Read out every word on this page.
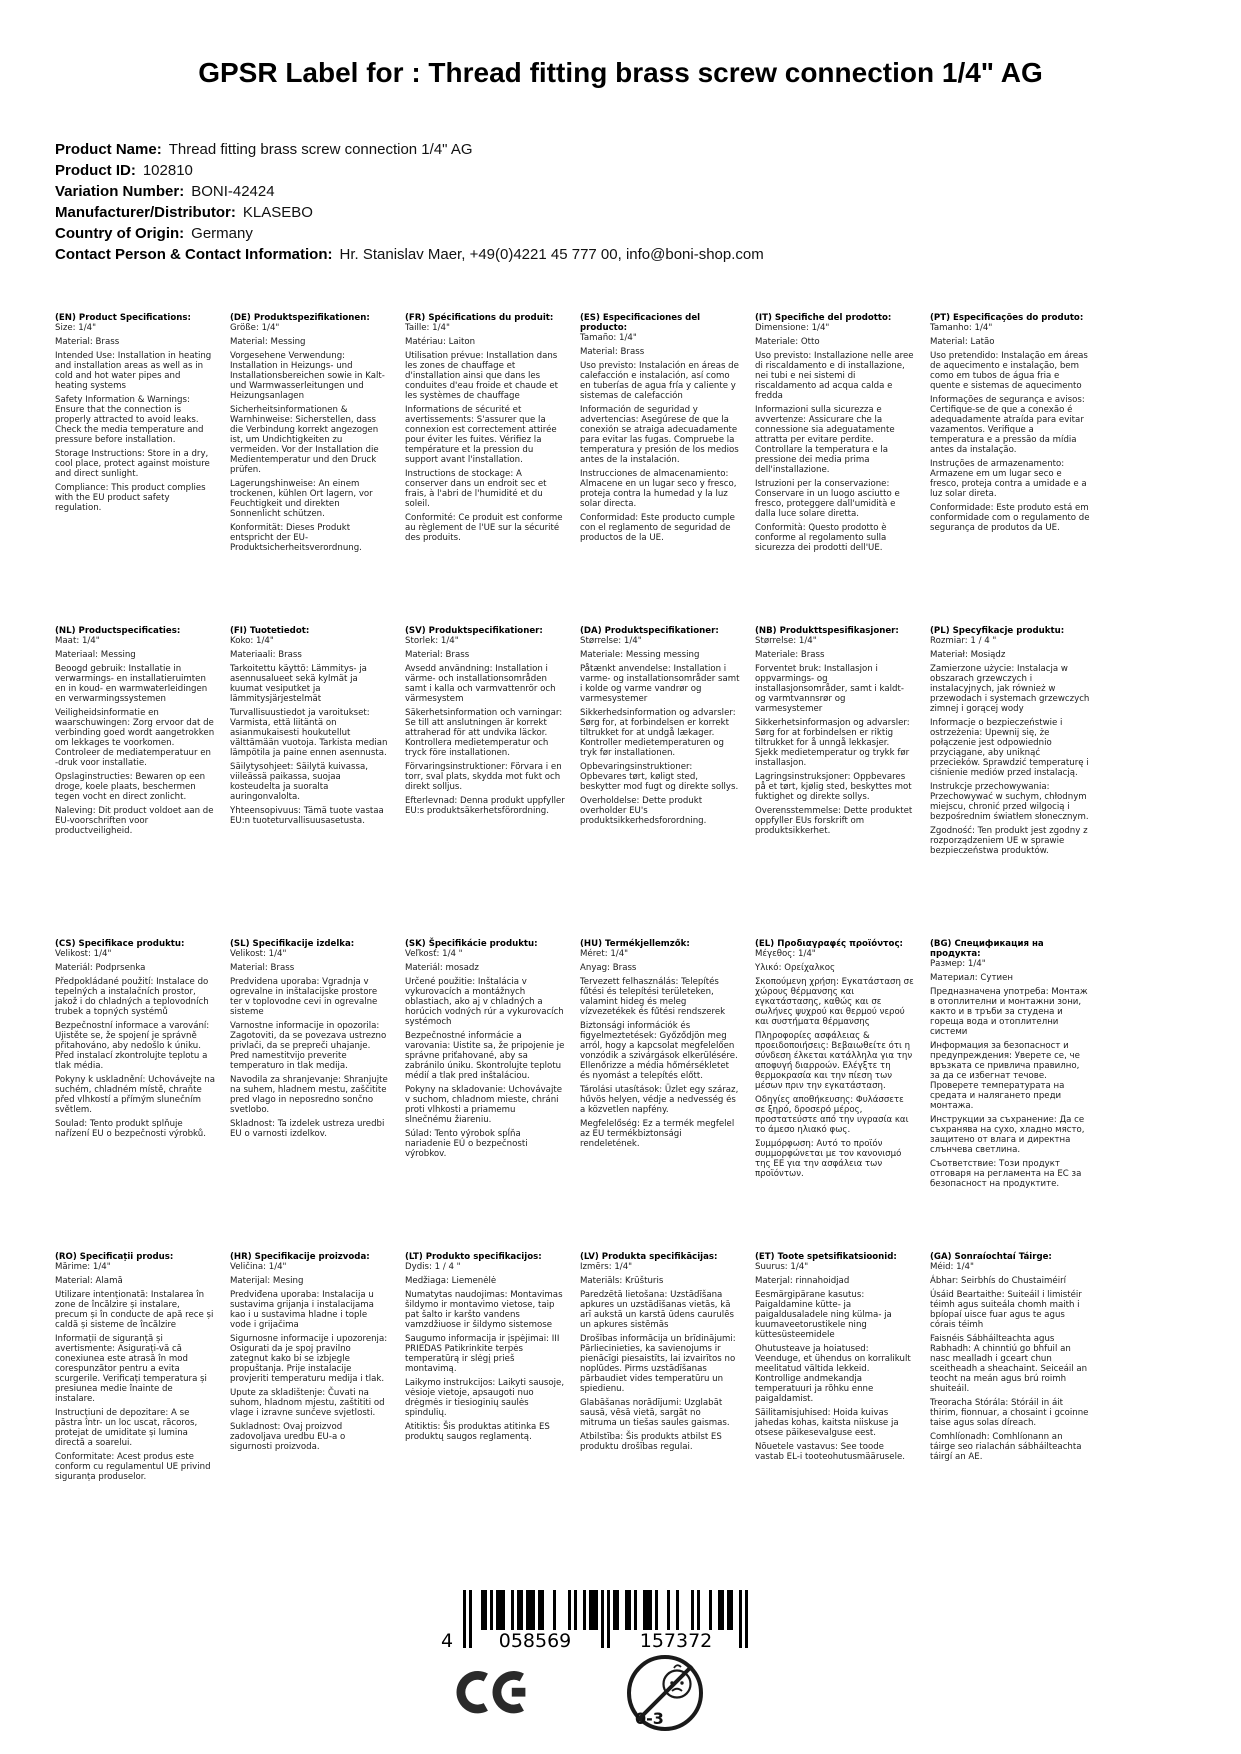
GPSR Label for : Thread fitting brass screw connection 1/4" AG
Product Name: Thread fitting brass screw connection 1/4" AG
Product ID: 102810
Variation Number: BONI-42424
Manufacturer/Distributor: KLASEBO
Country of Origin: Germany
Contact Person & Contact Information: Hr. Stanislav Maer, +49(0)4221 45 777 00, info@boni-shop.com
(EN) Product Specifications:

Size: 1/4"

Material: Brass

Intended Use: Installation in heating and installation areas as well as in cold and hot water pipes and heating systems

Safety Information & Warnings: Ensure that the connection is properly attracted to avoid leaks. Check the media temperature and pressure before installation.

Storage Instructions: Store in a dry, cool place, protect against moisture and direct sunlight.

Compliance: This product complies with the EU product safety regulation.

(DE) Produktspezifikationen:

Größe: 1/4"

Material: Messing

Vorgesehene Verwendung: Installation in Heizungs- und Installationsbereichen sowie in Kalt- und Warmwasserleitungen und Heizungsanlagen

Sicherheitsinformationen & Warnhinweise: Sicherstellen, dass die Verbindung korrekt angezogen ist, um Undichtigkeiten zu vermeiden. Vor der Installation die Medientemperatur und den Druck prüfen.

Lagerungshinweise: An einem trockenen, kühlen Ort lagern, vor Feuchtigkeit und direkten Sonnenlicht schützen.

Konformität: Dieses Produkt entspricht der EU-Produktsicherheitsverordnung.

(FR) Spécifications du produit:

Taille: 1/4"

Matériau: Laiton

Utilisation prévue: Installation dans les zones de chauffage et d'installation ainsi que dans les conduites d'eau froide et chaude et les systèmes de chauffage

Informations de sécurité et avertissements: S'assurer que la connexion est correctement attirée pour éviter les fuites. Vérifiez la température et la pression du support avant l'installation.

Instructions de stockage: A conserver dans un endroit sec et frais, à l'abri de l'humidité et du soleil.

Conformité: Ce produit est conforme au règlement de l'UE sur la sécurité des produits.

(ES) Especificaciones del producto:

Tamaño: 1/4"

Material: Brass

Uso previsto: Instalación en áreas de calefacción e instalación, así como en tuberías de agua fría y caliente y sistemas de calefacción

Información de seguridad y advertencias: Asegúrese de que la conexión se atraiga adecuadamente para evitar las fugas. Compruebe la temperatura y presión de los medios antes de la instalación.

Instrucciones de almacenamiento: Almacene en un lugar seco y fresco, proteja contra la humedad y la luz solar directa.

Conformidad: Este producto cumple con el reglamento de seguridad de productos de la UE.

(IT) Specifiche del prodotto:

Dimensione: 1/4"

Materiale: Otto

Uso previsto: Installazione nelle aree di riscaldamento e di installazione, nei tubi e nei sistemi di riscaldamento ad acqua calda e fredda

Informazioni sulla sicurezza e avvertenze: Assicurare che la connessione sia adeguatamente attratta per evitare perdite. Controllare la temperatura e la pressione dei media prima dell'installazione.

Istruzioni per la conservazione: Conservare in un luogo asciutto e fresco, proteggere dall'umidità e dalla luce solare diretta.

Conformità: Questo prodotto è conforme al regolamento sulla sicurezza dei prodotti dell'UE.

(PT) Especificações do produto:

Tamanho: 1/4"

Material: Latão

Uso pretendido: Instalação em áreas de aquecimento e instalação, bem como em tubos de água fria e quente e sistemas de aquecimento

Informações de segurança e avisos: Certifique-se de que a conexão é adequadamente atraída para evitar vazamentos. Verifique a temperatura e a pressão da mídia antes da instalação.

Instruções de armazenamento: Armazene em um lugar seco e fresco, proteja contra a umidade e a luz solar direta.

Conformidade: Este produto está em conformidade com o regulamento de segurança de produtos da UE.

(NL) Productspecificaties:

Maat: 1/4"

Materiaal: Messing

Beoogd gebruik: Installatie in verwarmings- en installatieruimten en in koud- en warmwaterleidingen en verwarmingssystemen

Veiligheidsinformatie en waarschuwingen: Zorg ervoor dat de verbinding goed wordt aangetrokken om lekkages te voorkomen. Controleer de mediatemperatuur en -druk voor installatie.

Opslaginstructies: Bewaren op een droge, koele plaats, beschermen tegen vocht en direct zonlicht.

Naleving: Dit product voldoet aan de EU-voorschriften voor productveiligheid.

(FI) Tuotetiedot:

Koko: 1/4"

Materiaali: Brass

Tarkoitettu käyttö: Lämmitys- ja asennusalueet sekä kylmät ja kuumat vesiputket ja lämmitysjärjestelmät

Turvallisuustiedot ja varoitukset: Varmista, että liitäntä on asianmukaisesti houkutellut välttämään vuotoja. Tarkista median lämpötila ja paine ennen asennusta.

Säilytysohjeet: Säilytä kuivassa, viileässä paikassa, suojaa kosteudelta ja suoralta auringonvalolta.

Yhteensopivuus: Tämä tuote vastaa EU:n tuoteturvallisuusasetusta.

(SV) Produktspecifikationer:

Storlek: 1/4"

Material: Brass

Avsedd användning: Installation i värme- och installationsområden samt i kalla och varmvattenrör och värmesystem

Säkerhetsinformation och varningar: Se till att anslutningen är korrekt attraherad för att undvika läckor. Kontrollera medietemperatur och tryck före installationen.

Förvaringsinstruktioner: Förvara i en torr, sval plats, skydda mot fukt och direkt solljus.

Efterlevnad: Denna produkt uppfyller EU:s produktsäkerhetsförordning.

(DA) Produktspecifikationer:

Størrelse: 1/4"

Materiale: Messing messing

Påtænkt anvendelse: Installation i varme- og installationsområder samt i kolde og varme vandrør og varmesystemer

Sikkerhedsinformation og advarsler: Sørg for, at forbindelsen er korrekt tiltrukket for at undgå lækager. Kontroller medietemperaturen og tryk før installationen.

Opbevaringsinstruktioner: Opbevares tørt, køligt sted, beskytter mod fugt og direkte sollys.

Overholdelse: Dette produkt overholder EU's produktsikkerhedsforordning.

(NB) Produkttspesifikasjoner:

Størrelse: 1/4"

Materiale: Brass

Forventet bruk: Installasjon i oppvarmings- og installasjonsområder, samt i kaldt- og varmtvannsrør og varmesystemer

Sikkerhetsinformasjon og advarsler: Sørg for at forbindelsen er riktig tiltrukket for å unngå lekkasjer. Sjekk medietemperatur og trykk før installasjon.

Lagringsinstruksjoner: Oppbevares på et tørt, kjølig sted, beskyttes mot fuktighet og direkte sollys.

Overensstemmelse: Dette produktet oppfyller EUs forskrift om produktsikkerhet.

(PL) Specyfikacje produktu:

Rozmiar: 1 / 4 "

Materiał: Mosiądz

Zamierzone użycie: Instalacja w obszarach grzewczych i instalacyjnych, jak również w przewodach i systemach grzewczych zimnej i gorącej wody

Informacje o bezpieczeństwie i ostrzeżenia: Upewnij się, że połączenie jest odpowiednio przyciągane, aby uniknąć przecieków. Sprawdzić temperaturę i ciśnienie mediów przed instalacją.

Instrukcje przechowywania: Przechowywać w suchym, chłodnym miejscu, chronić przed wilgocią i bezpośrednim światłem słonecznym.

Zgodność: Ten produkt jest zgodny z rozporządzeniem UE w sprawie bezpieczeństwa produktów.

(CS) Specifikace produktu:

Velikost: 1/4"

Materiál: Podprsenka

Předpokládané použití: Instalace do tepelných a instalačních prostor, jakož i do chladných a teplovodních trubek a topných systémů

Bezpečnostní informace a varování: Ujistěte se, že spojení je správně přitahováno, aby nedošlo k úniku. Před instalací zkontrolujte teplotu a tlak média.

Pokyny k uskladnění: Uchovávejte na suchém, chladném místě, chraňte před vlhkostí a přímým slunečním světlem.

Soulad: Tento produkt splňuje nařízení EU o bezpečnosti výrobků.

(SL) Specifikacije izdelka:

Velikost: 1/4"

Material: Brass

Predvidena uporaba: Vgradnja v ogrevalne in inštalacijske prostore ter v toplovodne cevi in ogrevalne sisteme

Varnostne informacije in opozorila: Zagotoviti, da se povezava ustrezno privlači, da se prepreči uhajanje. Pred namestitvijo preverite temperaturo in tlak medija.

Navodila za shranjevanje: Shranjujte na suhem, hladnem mestu, zaščitite pred vlago in neposredno sončno svetlobo.

Skladnost: Ta izdelek ustreza uredbi EU o varnosti izdelkov.

(SK) Špecifikácie produktu:

Veľkosť: 1/4 "

Materiál: mosadz

Určené použitie: Inštalácia v vykurovacích a montážnych oblastiach, ako aj v chladných a horúcich vodných rúr a vykurovacích systémoch

Bezpečnostné informácie a varovania: Uistite sa, že pripojenie je správne priťahované, aby sa zabránilo úniku. Skontrolujte teplotu médií a tlak pred inštaláciou.

Pokyny na skladovanie: Uchovávajte v suchom, chladnom mieste, chráni proti vlhkosti a priamemu slnečnému žiareniu.

Súlad: Tento výrobok spĺňa nariadenie EÚ o bezpečnosti výrobkov.

(HU) Termékjellemzők:

Méret: 1/4"

Anyag: Brass

Tervezett felhasználás: Telepítés fűtési és telepítési területeken, valamint hideg és meleg vízvezetékek és fűtési rendszerek

Biztonsági információk és figyelmeztetések: Győződjön meg arról, hogy a kapcsolat megfelelően vonzódik a szivárgások elkerülésére. Ellenőrizze a média hőmérsékletet és nyomást a telepítés előtt.

Tárolási utasítások: Üzlet egy száraz, hűvös helyen, védje a nedvesség és a közvetlen napfény.

Megfelelőség: Ez a termék megfelel az EU termékbiztonsági rendeletének.

(EL) Προδιαγραφές προϊόντος:

Μέγεθος: 1/4"

Υλικό: Ορείχαλκος

Σκοπούμενη χρήση: Εγκατάσταση σε χώρους θέρμανσης και εγκατάστασης, καθώς και σε σωλήνες ψυχρού και θερμού νερού και συστήματα θέρμανσης

Πληροφορίες ασφάλειας & προειδοποιήσεις: Βεβαιωθείτε ότι η σύνδεση έλκεται κατάλληλα για την αποφυγή διαρροών. Ελέγξτε τη θερμοκρασία και την πίεση των μέσων πριν την εγκατάσταση.

Οδηγίες αποθήκευσης: Φυλάσσετε σε ξηρό, δροσερό μέρος, προστατεύστε από την υγρασία και το άμεσο ηλιακό φως.

Συμμόρφωση: Αυτό το προϊόν συμμορφώνεται με τον κανονισμό της ΕΕ για την ασφάλεια των προϊόντων.

(BG) Спецификация на продукта:

Размер: 1/4"

Материал: Сутиен

Предназначена употреба: Монтаж в отоплителни и монтажни зони, както и в тръби за студена и гореща вода и отоплителни системи

Информация за безопасност и предупреждения: Уверете се, че връзката се привлича правилно, за да се избегнат течове. Проверете температурата на средата и налягането преди монтажа.

Инструкции за съхранение: Да се съхранява на сухо, хладно място, защитено от влага и директна слънчева светлина.

Съответствие: Този продукт отговаря на регламента на ЕС за безопасност на продуктите.

(RO) Specificații produs:

Mărime: 1/4"

Material: Alamă

Utilizare intenționată: Instalarea în zone de încălzire și instalare, precum și în conducte de apă rece și caldă și sisteme de încălzire

Informații de siguranță și avertismente: Asigurați-vă că conexiunea este atrasă în mod corespunzător pentru a evita scurgerile. Verificați temperatura și presiunea medie înainte de instalare.

Instrucțiuni de depozitare: A se păstra într- un loc uscat, răcoros, protejat de umiditate și lumina directă a soarelui.

Conformitate: Acest produs este conform cu regulamentul UE privind siguranța produselor.

(HR) Specifikacije proizvoda:

Veličina: 1/4"

Materijal: Mesing

Predviđena uporaba: Instalacija u sustavima grijanja i instalacijama kao i u sustavima hladne i tople vode i grijačima

Sigurnosne informacije i upozorenja: Osigurati da je spoj pravilno zategnut kako bi se izbjegle propuštanja. Prije instalacije provjeriti temperaturu medija i tlak.

Upute za skladištenje: Čuvati na suhom, hladnom mjestu, zaštititi od vlage i izravne sunčeve svjetlosti.

Sukladnost: Ovaj proizvod zadovoljava uredbu EU-a o sigurnosti proizvoda.

(LT) Produkto specifikacijos:

Dydis: 1 / 4 "

Medžiaga: Liemenėlė

Numatytas naudojimas: Montavimas šildymo ir montavimo vietose, taip pat šalto ir karšto vandens vamzdžiuose ir šildymo sistemose

Saugumo informacija ir įspėjimai: III PRIEDAS Patikrinkite terpės temperatūrą ir slėgį prieš montavimą.

Laikymo instrukcijos: Laikyti sausoje, vėsioje vietoje, apsaugoti nuo drėgmės ir tiesioginių saulės spindulių.

Atitiktis: Šis produktas atitinka ES produktų saugos reglamentą.

(LV) Produkta specifikācijas:

Izmērs: 1/4"

Materiāls: Krūšturis

Paredzētā lietošana: Uzstādīšana apkures un uzstādīšanas vietās, kā arī aukstā un karstā ūdens caurulēs un apkures sistēmās

Drošības informācija un brīdinājumi: Pārliecinieties, ka savienojums ir pienācīgi piesaistīts, lai izvairītos no noplūdes. Pirms uzstādīšanas pārbaudiet vides temperatūru un spiedienu.

Glabāšanas norādījumi: Uzglabāt sausā, vēsā vietā, sargāt no mitruma un tiešas saules gaismas.

Atbilstība: Šis produkts atbilst ES produktu drošības regulai.

(ET) Toote spetsifikatsioonid:

Suurus: 1/4"

Materjal: rinnahoidjad

Eesmärgipärane kasutus: Paigaldamine kütte- ja paigaldusaladele ning külma- ja kuumaveetorustikele ning küttesüsteemidele

Ohutusteave ja hoiatused: Veenduge, et ühendus on korralikult meelitatud vältida lekkeid. Kontrollige andmekandja temperatuuri ja rõhku enne paigaldamist.

Säilitamisjuhised: Hoida kuivas jahedas kohas, kaitsta niiskuse ja otsese päikesevalguse eest.

Nõuetele vastavus: See toode vastab EL-i tooteohutusmäärusele.

(GA) Sonraíochtaí Táirge:

Méid: 1/4"

Ábhar: Seirbhís do Chustaiméirí

Úsáid Beartaithe: Suiteáil i limistéir téimh agus suiteála chomh maith i bpíopaí uisce fuar agus te agus córais téimh

Faisnéis Sábháilteachta agus Rabhadh: A chinntiú go bhfuil an nasc mealladh i gceart chun sceitheadh a sheachaint. Seiceáil an teocht na meán agus brú roimh shuiteáil.

Treoracha Stórála: Stóráil in áit thirim, fionnuar, a chosaint i gcoinne taise agus solas díreach.

Comhlíonadh: Comhlíonann an táirge seo rialachán sábháilteachta táirgí an AE.

4 058569	157372
0-3
